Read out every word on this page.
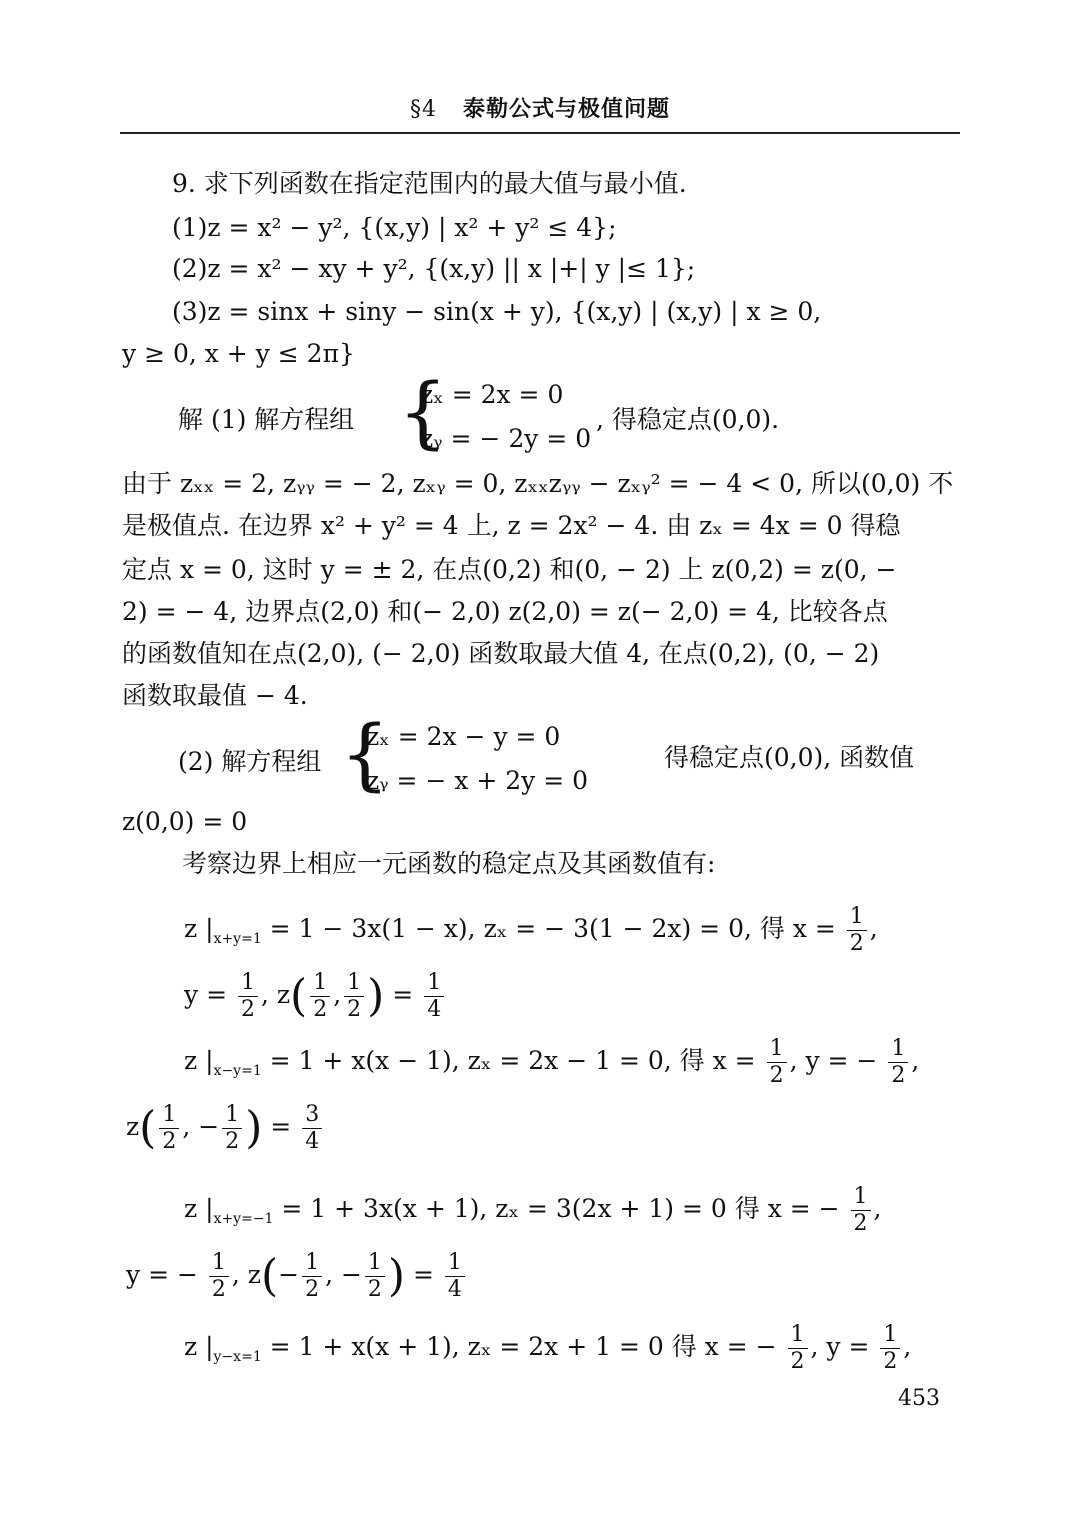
§4 泰勒公式与极值问题
9. 求下列函数在指定范围内的最大值与最小值.
(1)z = x² − y², {(x,y) | x² + y² ≤ 4};
(2)z = x² − xy + y², {(x,y) || x |+| y |≤ 1};
(3)z = sinx + siny − sin(x + y), {(x,y) | (x,y) | x ≥ 0,
y ≥ 0, x + y ≤ 2π}
解 (1) 解方程组 {
zₓ = 2x = 0
zᵧ = − 2y = 0
, 得稳定点(0,0).
由于 zₓₓ = 2, zᵧᵧ = − 2, zₓᵧ = 0, zₓₓzᵧᵧ − zₓᵧ² = − 4 < 0, 所以(0,0) 不
是极值点. 在边界 x² + y² = 4 上, z = 2x² − 4. 由 zₓ = 4x = 0 得稳
定点 x = 0, 这时 y = ± 2, 在点(0,2) 和(0, − 2) 上 z(0,2) = z(0, −
2) = − 4, 边界点(2,0) 和(− 2,0) z(2,0) = z(− 2,0) = 4, 比较各点
的函数值知在点(2,0), (− 2,0) 函数取最大值 4, 在点(0,2), (0, − 2)
函数取最值 − 4.
(2) 解方程组 {
zₓ = 2x − y = 0
zᵧ = − x + 2y = 0
得稳定点(0,0), 函数值
z(0,0) = 0
考察边界上相应一元函数的稳定点及其函数值有:
z $|_{x+y=1} = 1 - 3x(1 - x)$, zₓ = − 3(1 − 2x) = 0, 得 $x = \frac{1}{2}$ ,
$y = \frac{1}{2}$ , $z( \frac{1}{2}$ , $\frac{1}{2}$ ) = $\frac{1}{4}$
z $|_{x-y=1} = 1 + x(x - 1)$, zₓ = 2x − 1 = 0, 得 $x = \frac{1}{2}$ , y = − $\frac{1}{2}$ ,
$z( \frac{1}{2}$ , − $\frac{1}{2}$ ) = $\frac{3}{4}$
z $|_{x+y=-1} = 1 + 3x(x + 1)$, zₓ = 3(2x + 1) = 0 得 x = − $\frac{1}{2}$ ,
y = − $\frac{1}{2}$ , $z(- \frac{1}{2}$ , − $\frac{1}{2}$ ) = $\frac{1}{4}$
z $|_{y-x=1} = 1 + x(x + 1)$, zₓ = 2x + 1 = 0 得 x = − $\frac{1}{2}$ , $y = \frac{1}{2}$ ,
453
